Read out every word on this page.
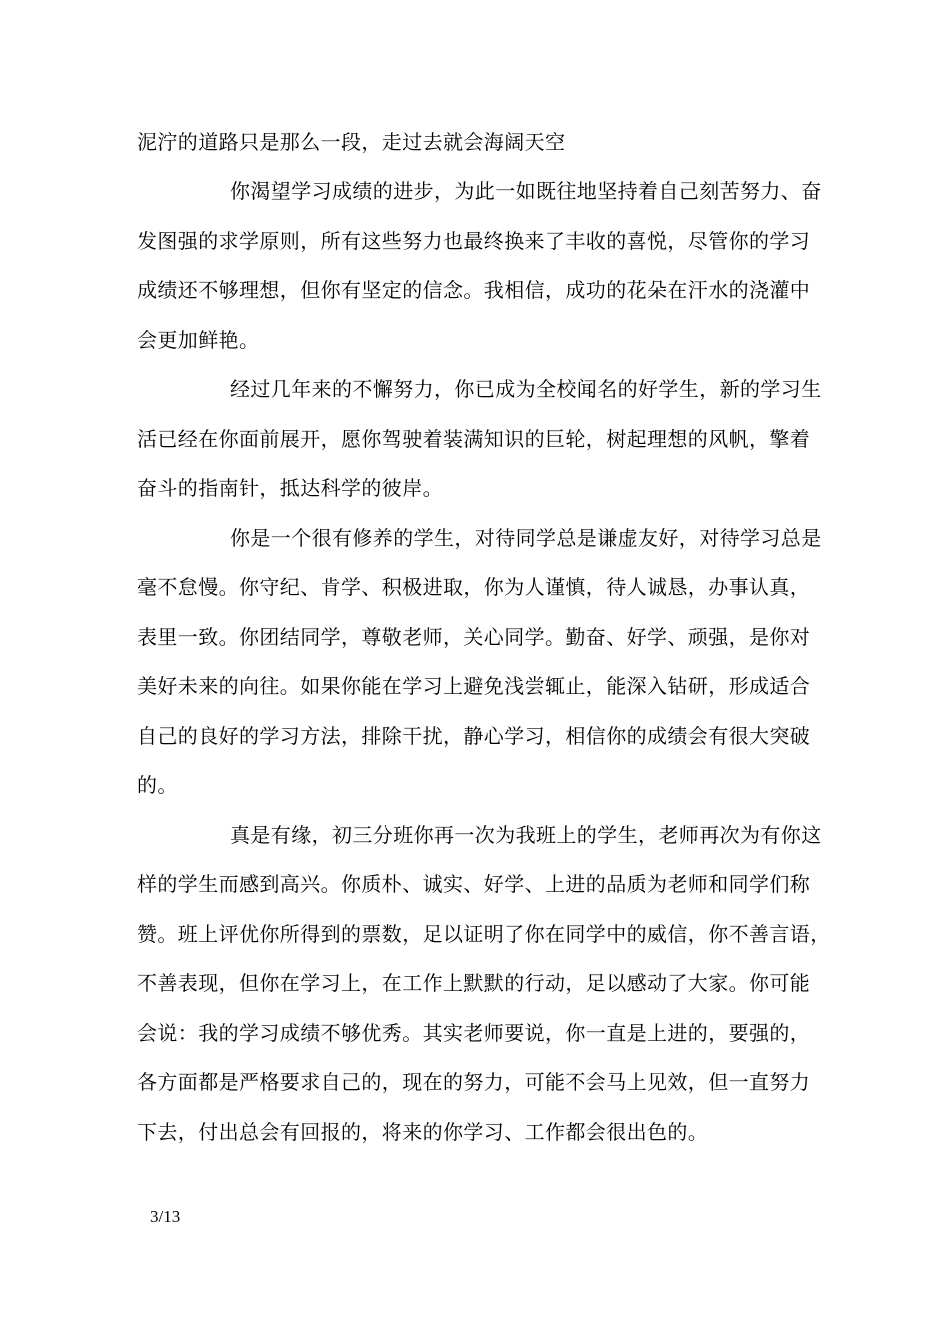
泥泞的道路只是那么一段，走过去就会海阔天空
你渴望学习成绩的进步，为此一如既往地坚持着自己刻苦努力、奋
发图强的求学原则，所有这些努力也最终换来了丰收的喜悦，尽管你的学习
成绩还不够理想，但你有坚定的信念。我相信，成功的花朵在汗水的浇灌中
会更加鲜艳。
经过几年来的不懈努力，你已成为全校闻名的好学生，新的学习生
活已经在你面前展开，愿你驾驶着装满知识的巨轮，树起理想的风帆，擎着
奋斗的指南针，抵达科学的彼岸。
你是一个很有修养的学生，对待同学总是谦虚友好，对待学习总是
毫不怠慢。你守纪、肯学、积极进取，你为人谨慎，待人诚恳，办事认真，
表里一致。你团结同学，尊敬老师，关心同学。勤奋、好学、顽强，是你对
美好未来的向往。如果你能在学习上避免浅尝辄止，能深入钻研，形成适合
自己的良好的学习方法，排除干扰，静心学习，相信你的成绩会有很大突破
的。
真是有缘，初三分班你再一次为我班上的学生，老师再次为有你这
样的学生而感到高兴。你质朴、诚实、好学、上进的品质为老师和同学们称
赞。班上评优你所得到的票数，足以证明了你在同学中的威信，你不善言语，
不善表现，但你在学习上，在工作上默默的行动，足以感动了大家。你可能
会说：我的学习成绩不够优秀。其实老师要说，你一直是上进的，要强的，
各方面都是严格要求自己的，现在的努力，可能不会马上见效，但一直努力
下去，付出总会有回报的，将来的你学习、工作都会很出色的。
3/13
